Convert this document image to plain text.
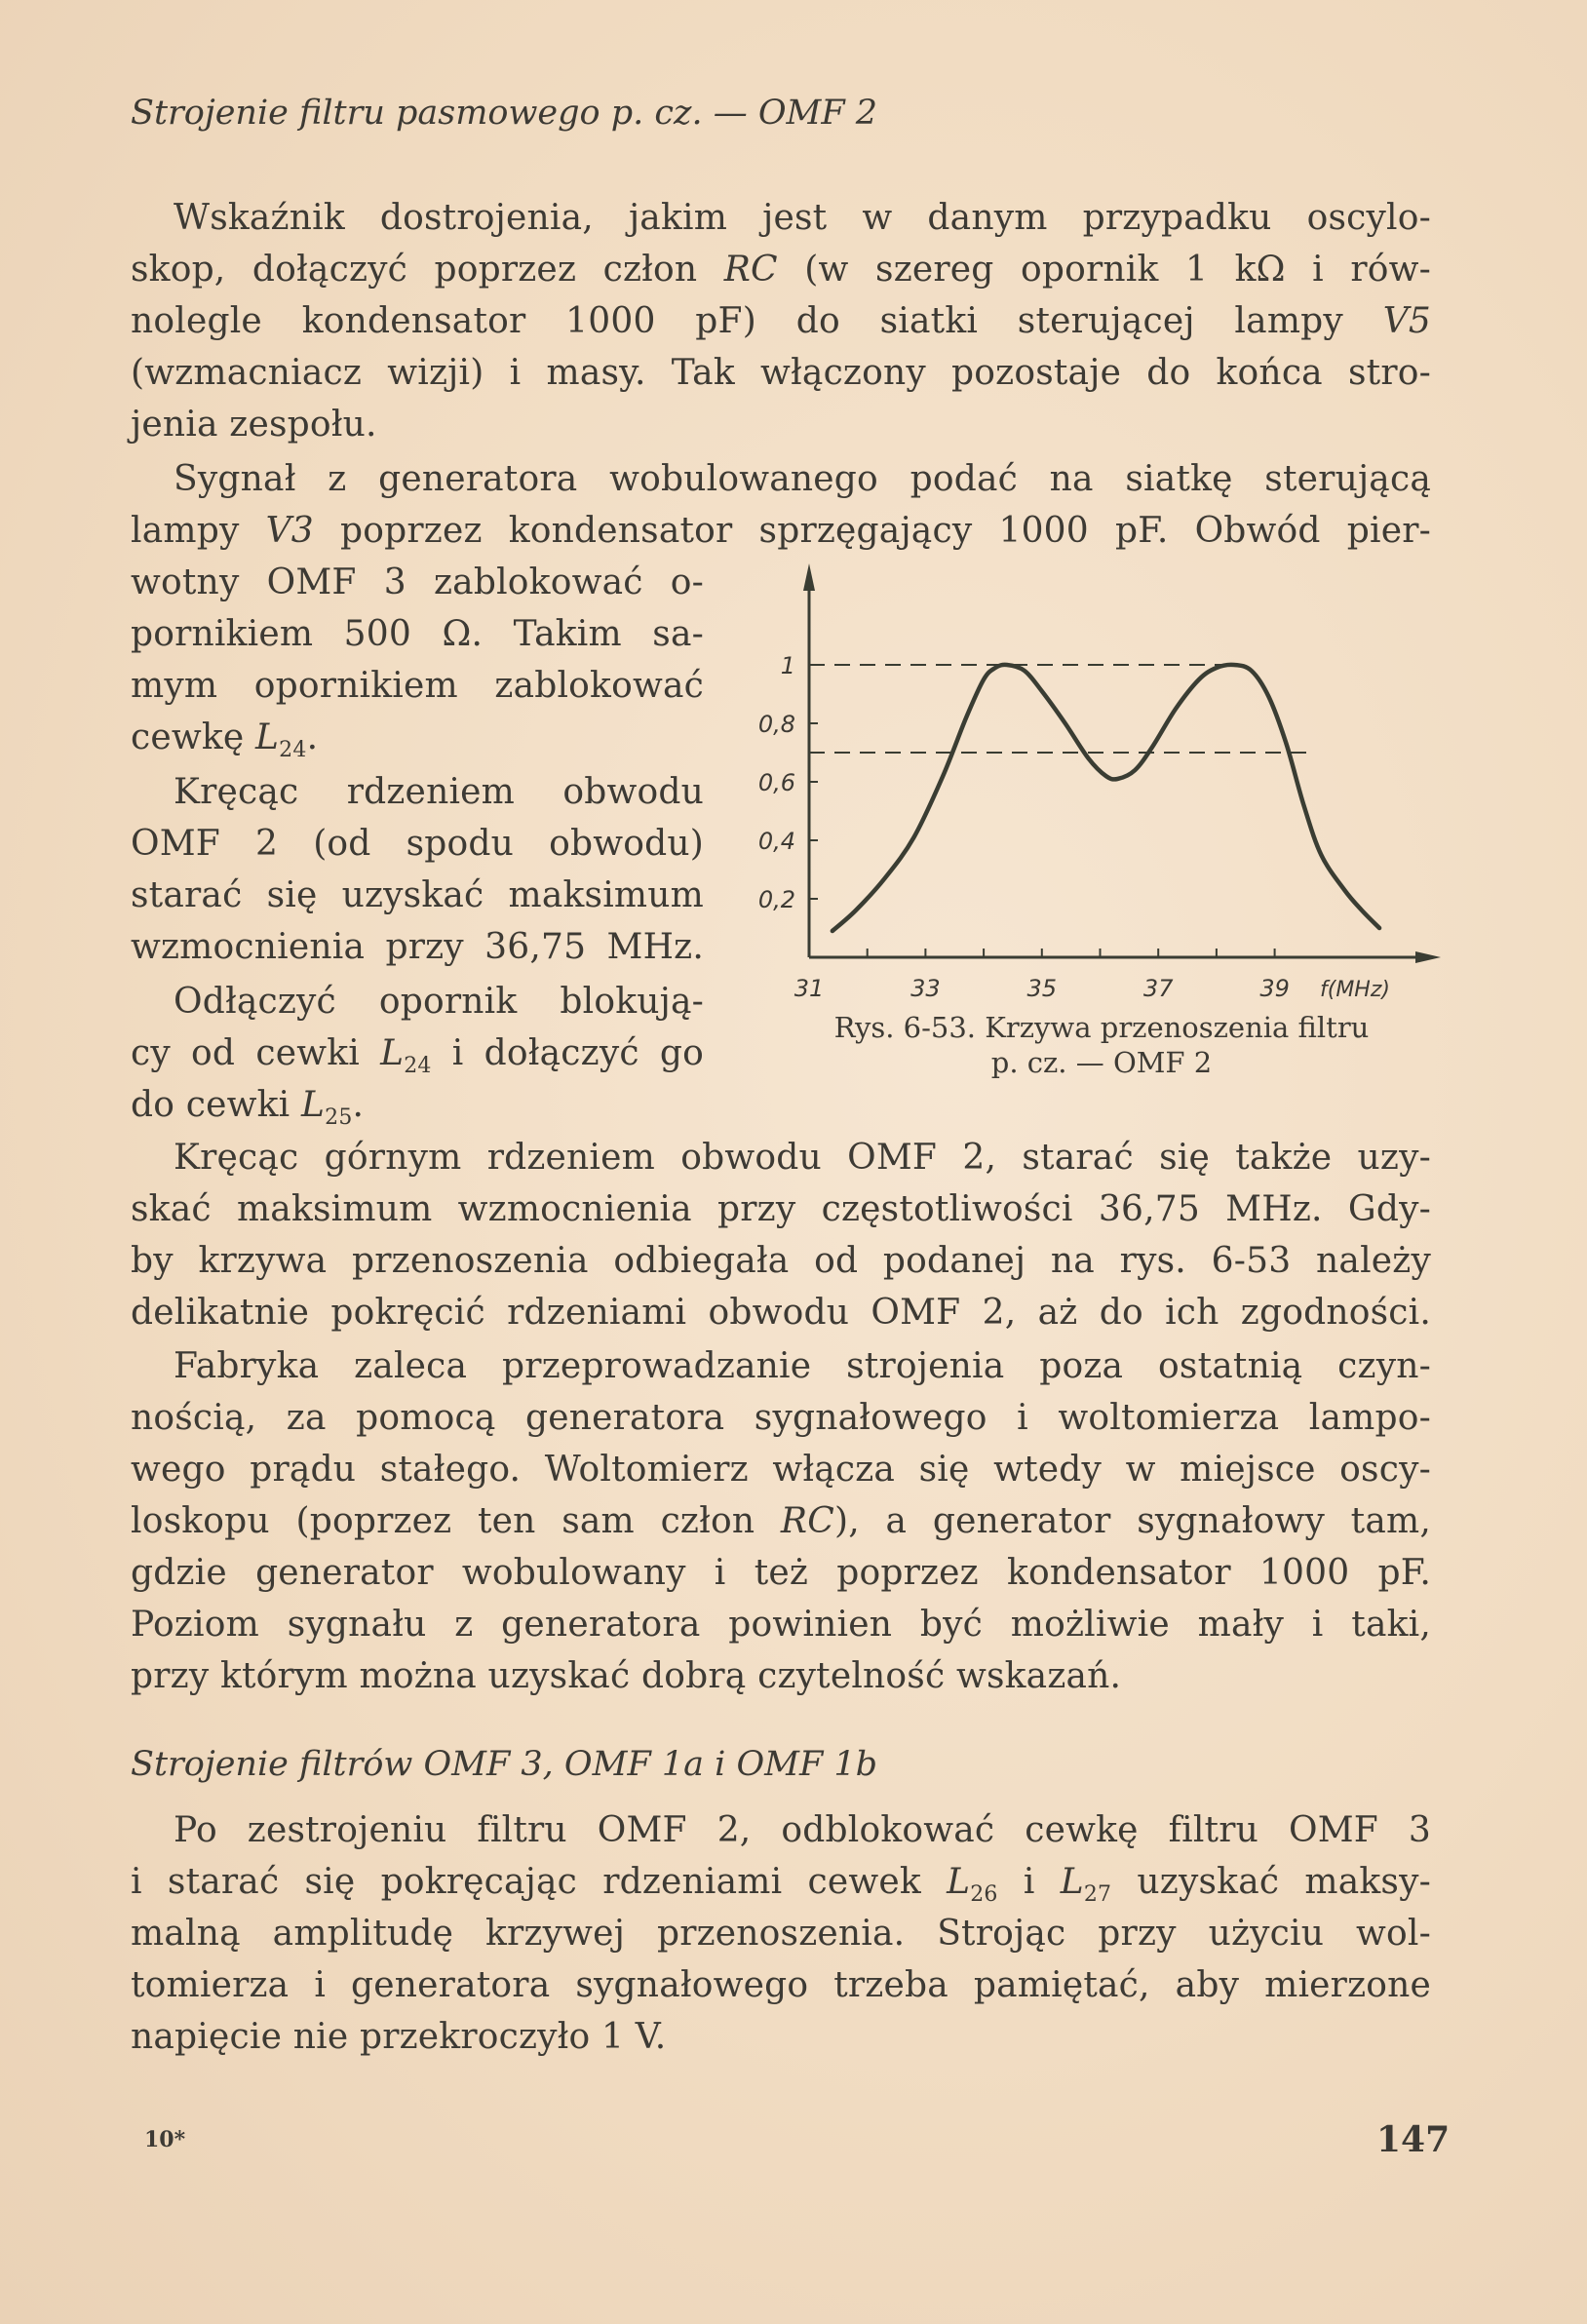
Strojenie filtru pasmowego p. cz. — OMF 2
Wskaźnik dostrojenia, jakim jest w danym przypadku oscylo-
skop, dołączyć poprzez człon RC (w szereg opornik 1 kΩ i rów-
nolegle kondensator 1000 pF) do siatki sterującej lampy V5
(wzmacniacz wizji) i masy. Tak włączony pozostaje do końca stro-
jenia zespołu.
Sygnał z generatora wobulowanego podać na siatkę sterującą
lampy V3 poprzez kondensator sprzęgający 1000 pF. Obwód pier-
wotny OMF 3 zablokować o-
pornikiem 500 Ω. Takim sa-
mym opornikiem zablokować
cewkę $L_{24}$.
Kręcąc rdzeniem obwodu
OMF 2 (od spodu obwodu)
starać się uzyskać maksimum
wzmocnienia przy 36,75 MHz.
Odłączyć opornik blokują-
cy od cewki $L_{24}$ i dołączyć go
do cewki $L_{25}$.
0,2
0,4
0,6
0,8
1
31	33	35	37	39 f(MHz)
Rys. 6-53. Krzywa przenoszenia filtru
p. cz. — OMF 2
Kręcąc górnym rdzeniem obwodu OMF 2, starać się także uzy-
skać maksimum wzmocnienia przy częstotliwości 36,75 MHz. Gdy-
by krzywa przenoszenia odbiegała od podanej na rys. 6-53 należy
delikatnie pokręcić rdzeniami obwodu OMF 2, aż do ich zgodności.
Fabryka zaleca przeprowadzanie strojenia poza ostatnią czyn-
nością, za pomocą generatora sygnałowego i woltomierza lampo-
wego prądu stałego. Woltomierz włącza się wtedy w miejsce oscy-
loskopu (poprzez ten sam człon RC), a generator sygnałowy tam,
gdzie generator wobulowany i też poprzez kondensator 1000 pF.
Poziom sygnału z generatora powinien być możliwie mały i taki,
przy którym można uzyskać dobrą czytelność wskazań.
Strojenie filtrów OMF 3, OMF 1a i OMF 1b
Po zestrojeniu filtru OMF 2, odblokować cewkę filtru OMF 3
i starać się pokręcając rdzeniami cewek $L_{26}$ i $L_{27}$ uzyskać maksy-
malną amplitudę krzywej przenoszenia. Strojąc przy użyciu wol-
tomierza i generatora sygnałowego trzeba pamiętać, aby mierzone
napięcie nie przekroczyło 1 V.
10*	147
